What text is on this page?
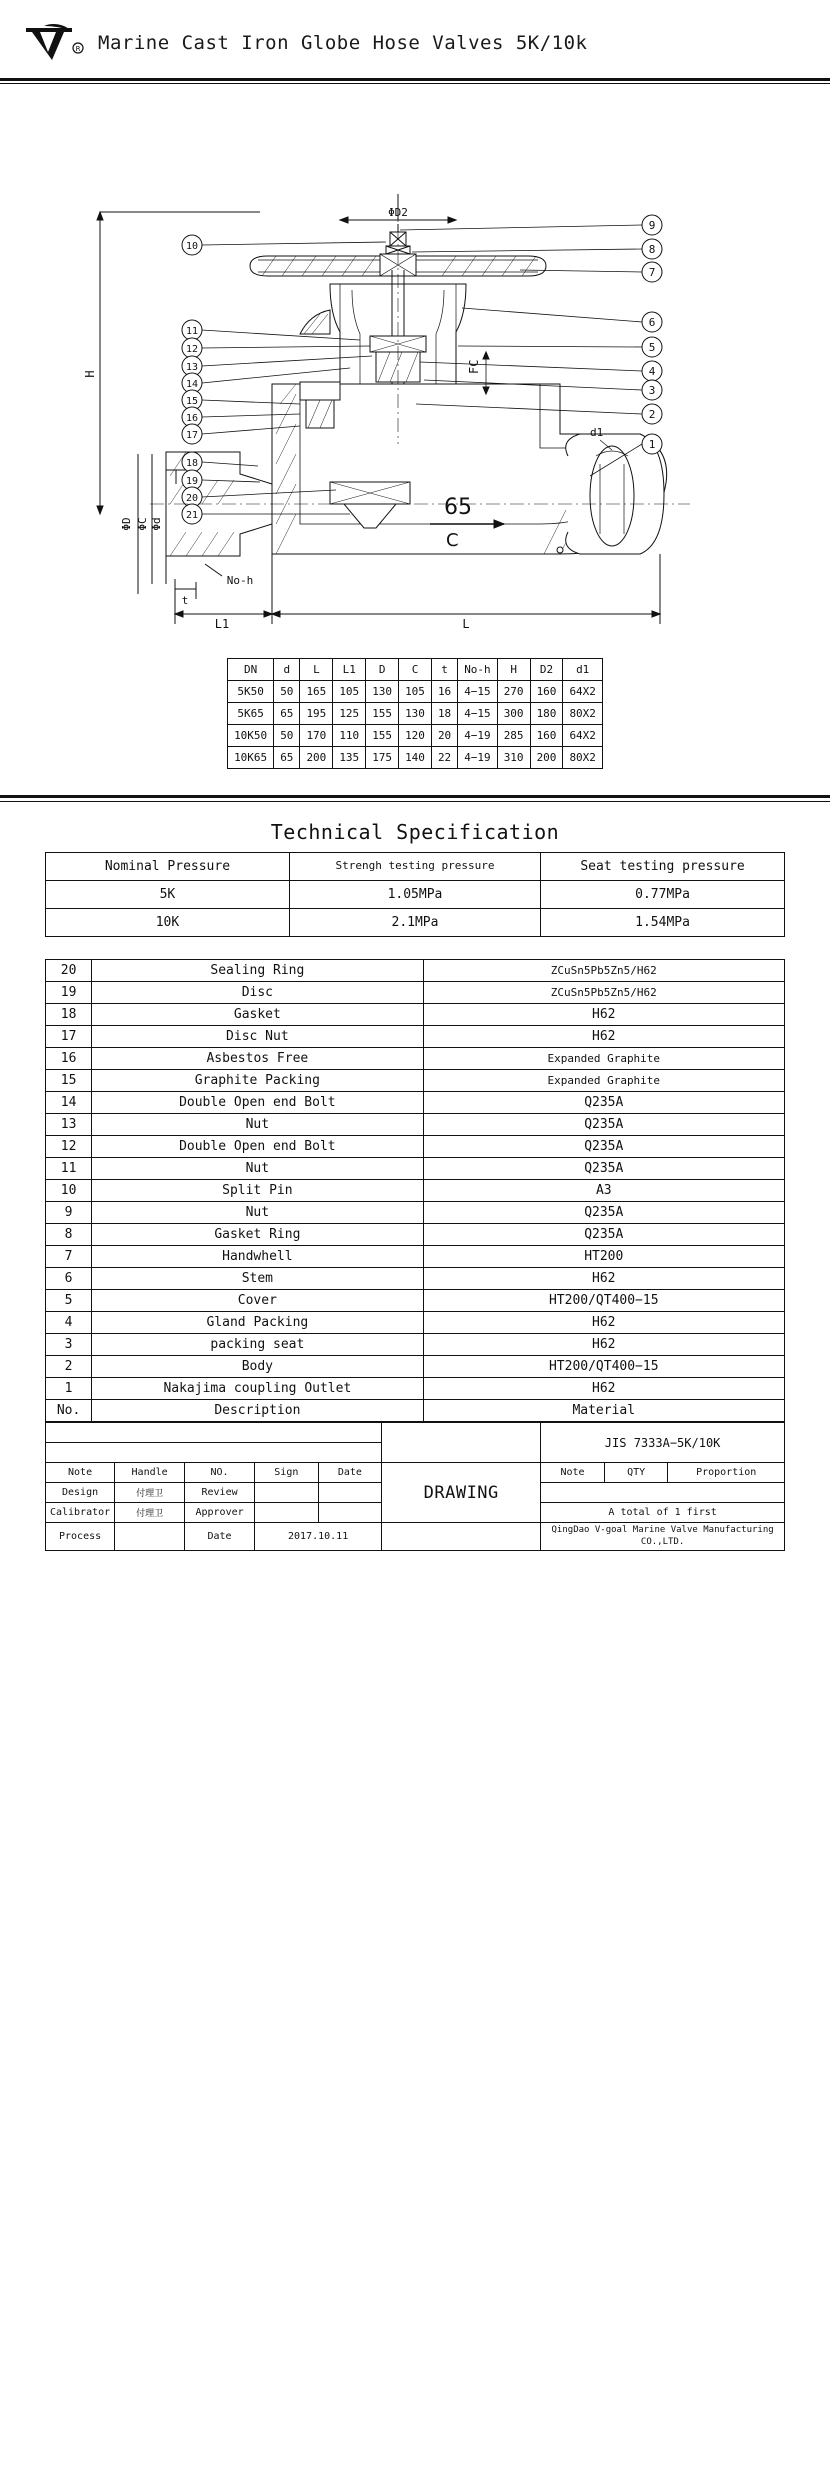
R Marine Cast Iron Globe Hose Valves 5K/10k
ΦD2
H
ΦD ΦC Φd
L1	L
t
No-h
65
C
FC
d1
9
8
7
6
5
4
3
2
1
10
11
12
13
14
15
16
17
18
19
20
21
DN	d	L	L1	D	C	t	No-h	H	D2	d1
5K50	50	165	105	130	105	16	4−15	270	160	64X2
5K65	65	195	125	155	130	18	4−15	300	180	80X2
10K50	50	170	110	155	120	20	4−19	285	160	64X2
10K65	65	200	135	175	140	22	4−19	310	200	80X2
Technical Specification
Nominal Pressure	Strengh testing pressure	Seat testing pressure
5K	1.05MPa	0.77MPa
10K	2.1MPa	1.54MPa
20	Sealing Ring	ZCuSn5Pb5Zn5/H62
19	Disc	ZCuSn5Pb5Zn5/H62
18	Gasket	H62
17	Disc Nut	H62
16	Asbestos Free	Expanded Graphite
15	Graphite Packing	Expanded Graphite
14	Double Open end Bolt	Q235A
13	Nut	Q235A
12	Double Open end Bolt	Q235A
11	Nut	Q235A
10	Split Pin	A3
9	Nut	Q235A
8	Gasket Ring	Q235A
7	Handwhell	HT200
6	Stem	H62
5	Cover	HT200/QT400−15
4	Gland Packing	H62
3	packing seat	H62
2	Body	HT200/QT400−15
1	Nakajima coupling Outlet	H62
No.	Description	Material
						JIS 7333A−5K/10K		

Note	Handle	NO.	Sign	Date	DRAWING	Note	QTY	Proportion
Design	付理卫	Review						
Calibrator	付理卫	Approver				A total of 1 first		
Process		Date	2017.10.11			QingDao V-goal Marine Valve Manufacturing CO.,LTD.		
